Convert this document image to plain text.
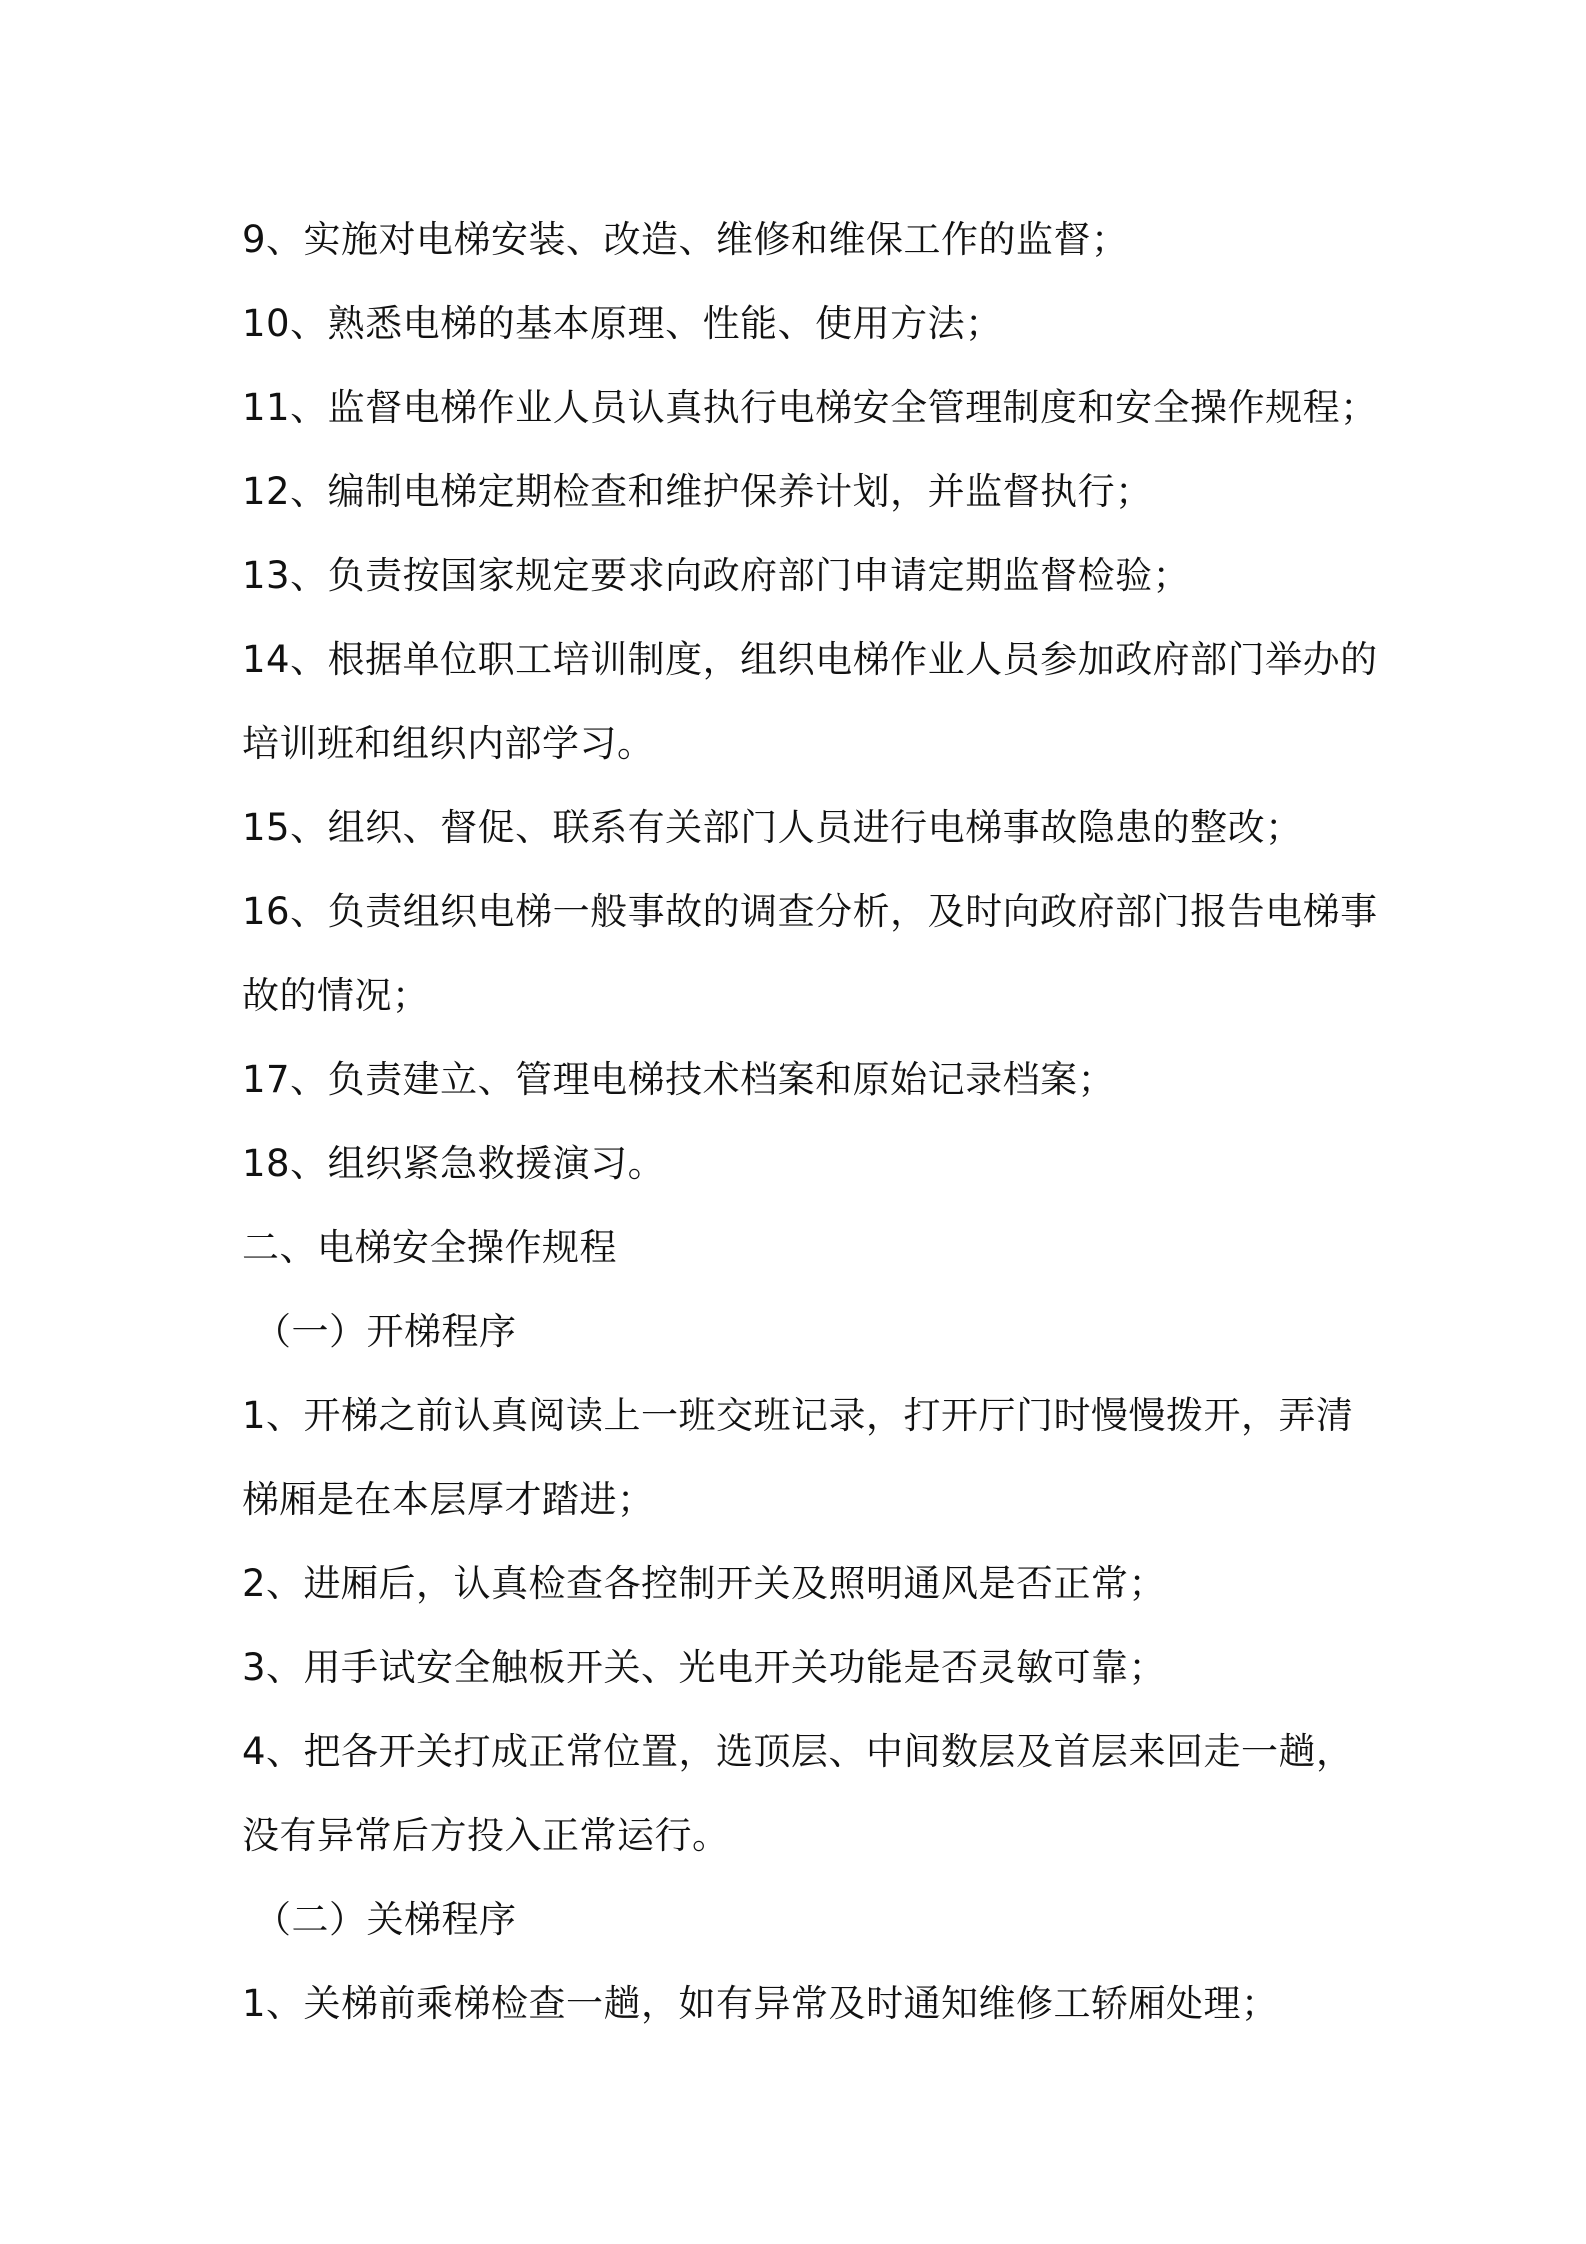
9、实施对电梯安装、改造、维修和维保工作的监督；
10、熟悉电梯的基本原理、性能、使用方法；
11、监督电梯作业人员认真执行电梯安全管理制度和安全操作规程；
12、编制电梯定期检查和维护保养计划，并监督执行；
13、负责按国家规定要求向政府部门申请定期监督检验；
14、根据单位职工培训制度，组织电梯作业人员参加政府部门举办的
培训班和组织内部学习。
15、组织、督促、联系有关部门人员进行电梯事故隐患的整改；
16、负责组织电梯一般事故的调查分析，及时向政府部门报告电梯事
故的情况；
17、负责建立、管理电梯技术档案和原始记录档案；
18、组织紧急救援演习。
二、电梯安全操作规程
（一）开梯程序
1、开梯之前认真阅读上一班交班记录，打开厅门时慢慢拨开，弄清
梯厢是在本层厚才踏进；
2、进厢后，认真检查各控制开关及照明通风是否正常；
3、用手试安全触板开关、光电开关功能是否灵敏可靠；
4、把各开关打成正常位置，选顶层、中间数层及首层来回走一趟，
没有异常后方投入正常运行。
（二）关梯程序
1、关梯前乘梯检查一趟，如有异常及时通知维修工轿厢处理；
